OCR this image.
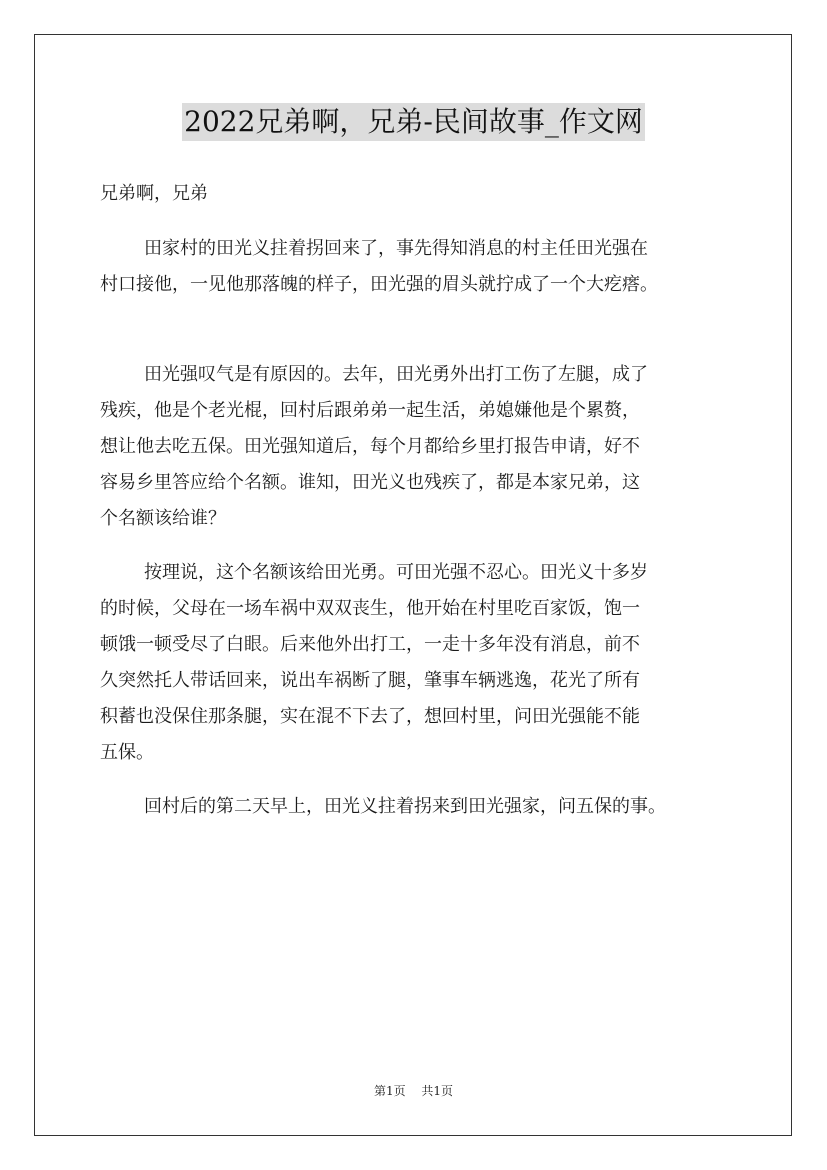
2022兄弟啊，兄弟-民间故事_作文网
兄弟啊，兄弟
田家村的田光义拄着拐回来了，事先得知消息的村主任田光强在
村口接他，一见他那落魄的样子，田光强的眉头就拧成了一个大疙瘩。
田光强叹气是有原因的。去年，田光勇外出打工伤了左腿，成了
残疾，他是个老光棍，回村后跟弟弟一起生活，弟媳嫌他是个累赘，
想让他去吃五保。田光强知道后，每个月都给乡里打报告申请，好不
容易乡里答应给个名额。谁知，田光义也残疾了，都是本家兄弟，这
个名额该给谁？
按理说，这个名额该给田光勇。可田光强不忍心。田光义十多岁
的时候，父母在一场车祸中双双丧生，他开始在村里吃百家饭，饱一
顿饿一顿受尽了白眼。后来他外出打工，一走十多年没有消息，前不
久突然托人带话回来，说出车祸断了腿，肇事车辆逃逸，花光了所有
积蓄也没保住那条腿，实在混不下去了，想回村里，问田光强能不能
五保。
回村后的第二天早上，田光义拄着拐来到田光强家，问五保的事。
第1页 共1页
